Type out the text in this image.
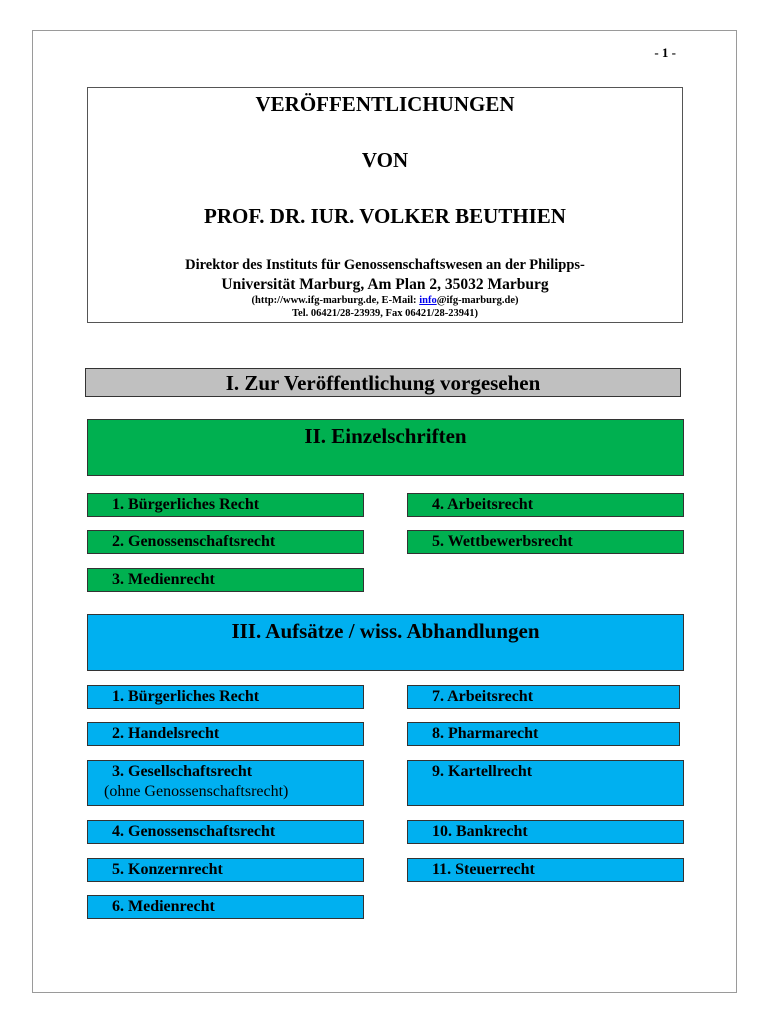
- 1 -
VERÖFFENTLICHUNGEN
VON
PROF. DR. IUR. VOLKER BEUTHIEN
Direktor des Instituts für Genossenschaftswesen an der Philipps-
Universität Marburg, Am Plan 2, 35032 Marburg
(http://www.ifg-marburg.de, E-Mail: info@ifg-marburg.de)
Tel. 06421/28-23939, Fax 06421/28-23941)
I. Zur Veröffentlichung vorgesehen
II. Einzelschriften
1. Bürgerliches Recht
2. Genossenschaftsrecht
3. Medienrecht
4. Arbeitsrecht
5. Wettbewerbsrecht
III. Aufsätze / wiss. Abhandlungen
1. Bürgerliches Recht
2. Handelsrecht
3. Gesellschaftsrecht
(ohne Genossenschaftsrecht)
4. Genossenschaftsrecht
5. Konzernrecht
6. Medienrecht
7. Arbeitsrecht
8. Pharmarecht
9. Kartellrecht
10. Bankrecht
11. Steuerrecht
